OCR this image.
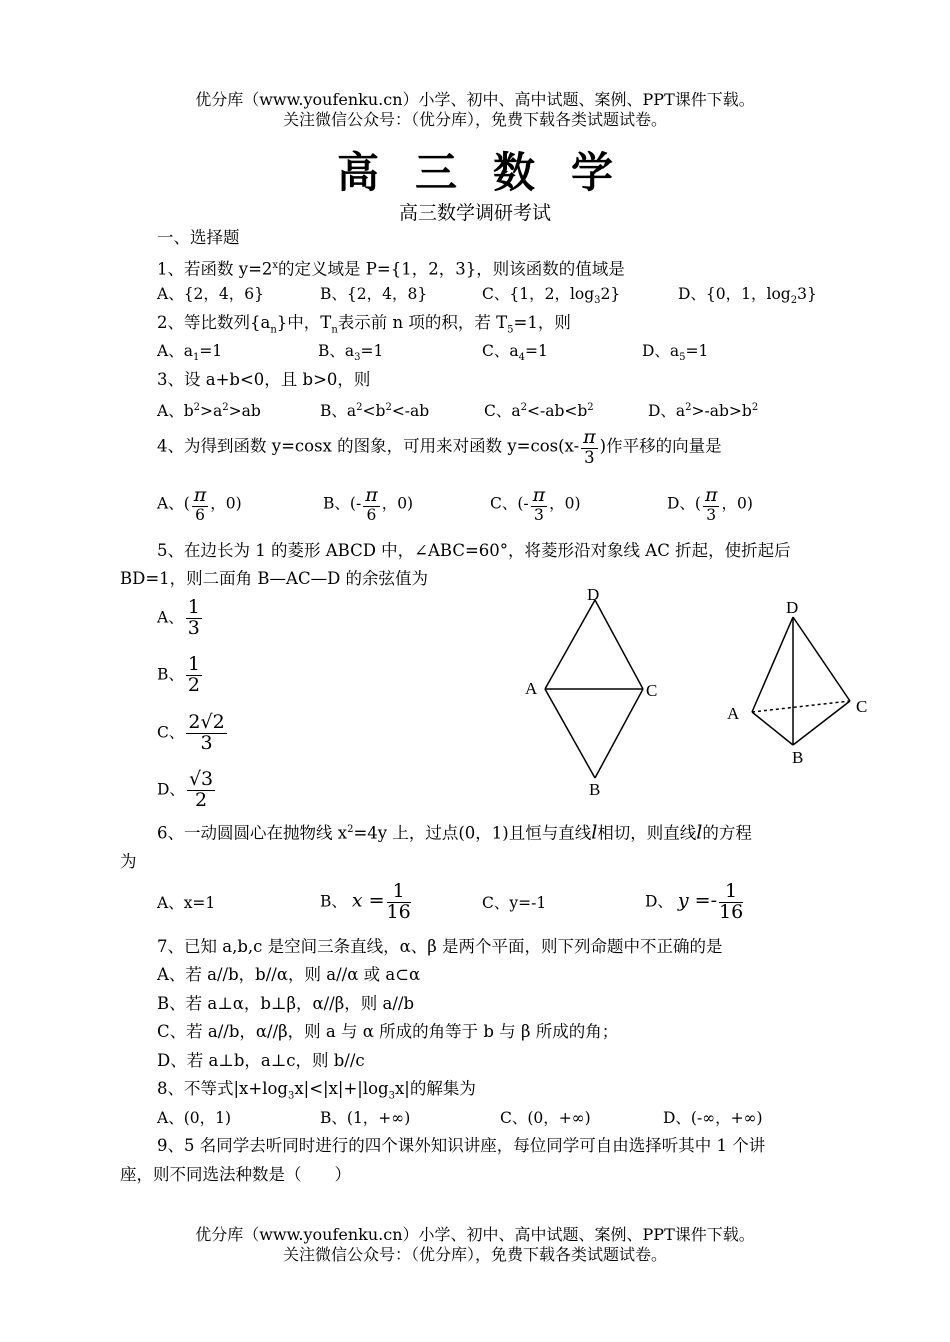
优分库（www.youfenku.cn）小学、初中、高中试题、案例、PPT课件下载。
关注微信公众号：（优分库），免费下载各类试题试卷。
高三数学
高三数学调研考试
一、选择题
1、若函数 $y=2^x$的定义域是 P={1，2，3}，则该函数的值域是
A、{2，4，6}	B、{2，4，8}	C、{1，2，$\log_32$}	D、{0，1，$\log_23$}
2、等比数列$\{a_n\}$中，$T_n$表示前 n 项的积，若 $T_5=1$，则
A、$a_1=1$	B、$a_3=1$	C、$a_4=1$	D、$a_5=1$
3、设 a+b<0，且 b>0，则
A、$b^2>a^2>ab$	B、$a^2<b^2<-ab$	C、$a^2<-ab<b^2$	D、$a^2>-ab>b^2$
4、为得到函数 y=cosx 的图象，可用来对函数 $y=\cos(x- \frac{\pi}{3}$ )作平移的向量是
A、( $\frac{\pi}{6}$ ，0)	B、(- $\frac{\pi}{6}$ ，0)	C、(- $\frac{\pi}{3}$ ，0)	D、( $\frac{\pi}{3}$ ，0)
5、在边长为 1 的菱形 ABCD 中，∠ABC=60°，将菱形沿对象线 AC 折起，使折起后
BD=1，则二面角 B—AC—D 的余弦值为
A、 $\frac{1}{3}$
B、 $\frac{1}{2}$
C、 $\frac{2√2}{3}$
D、 $\frac{√3}{2}$
D
A	C
B
D
A	C
B
6、一动圆圆心在抛物线 $x^2=4y$ 上，过点(0，1)且恒与直线l相切，则直线l的方程
为
A、x=1	B、 $x = \frac{1}{16}$	C、y=-1	D、 $y =- \frac{1}{16}$
7、已知 a,b,c 是空间三条直线，α、β 是两个平面，则下列命题中不正确的是
A、若 a//b，b//α，则 a//α 或 a⊂α
B、若 a⊥α，b⊥β，α//β，则 a//b
C、若 a//b，α//β，则 a 与 α 所成的角等于 b 与 β 所成的角；
D、若 a⊥b，a⊥c，则 b//c
8、不等式$|x+\log_3x|<|x|+|\log_3x|$的解集为
A、(0，1)	B、(1，+∞)	C、(0，+∞)	D、(-∞，+∞)
9、5 名同学去听同时进行的四个课外知识讲座，每位同学可自由选择听其中 1 个讲
座，则不同选法种数是（　　）
优分库（www.youfenku.cn）小学、初中、高中试题、案例、PPT课件下载。
关注微信公众号：（优分库），免费下载各类试题试卷。
